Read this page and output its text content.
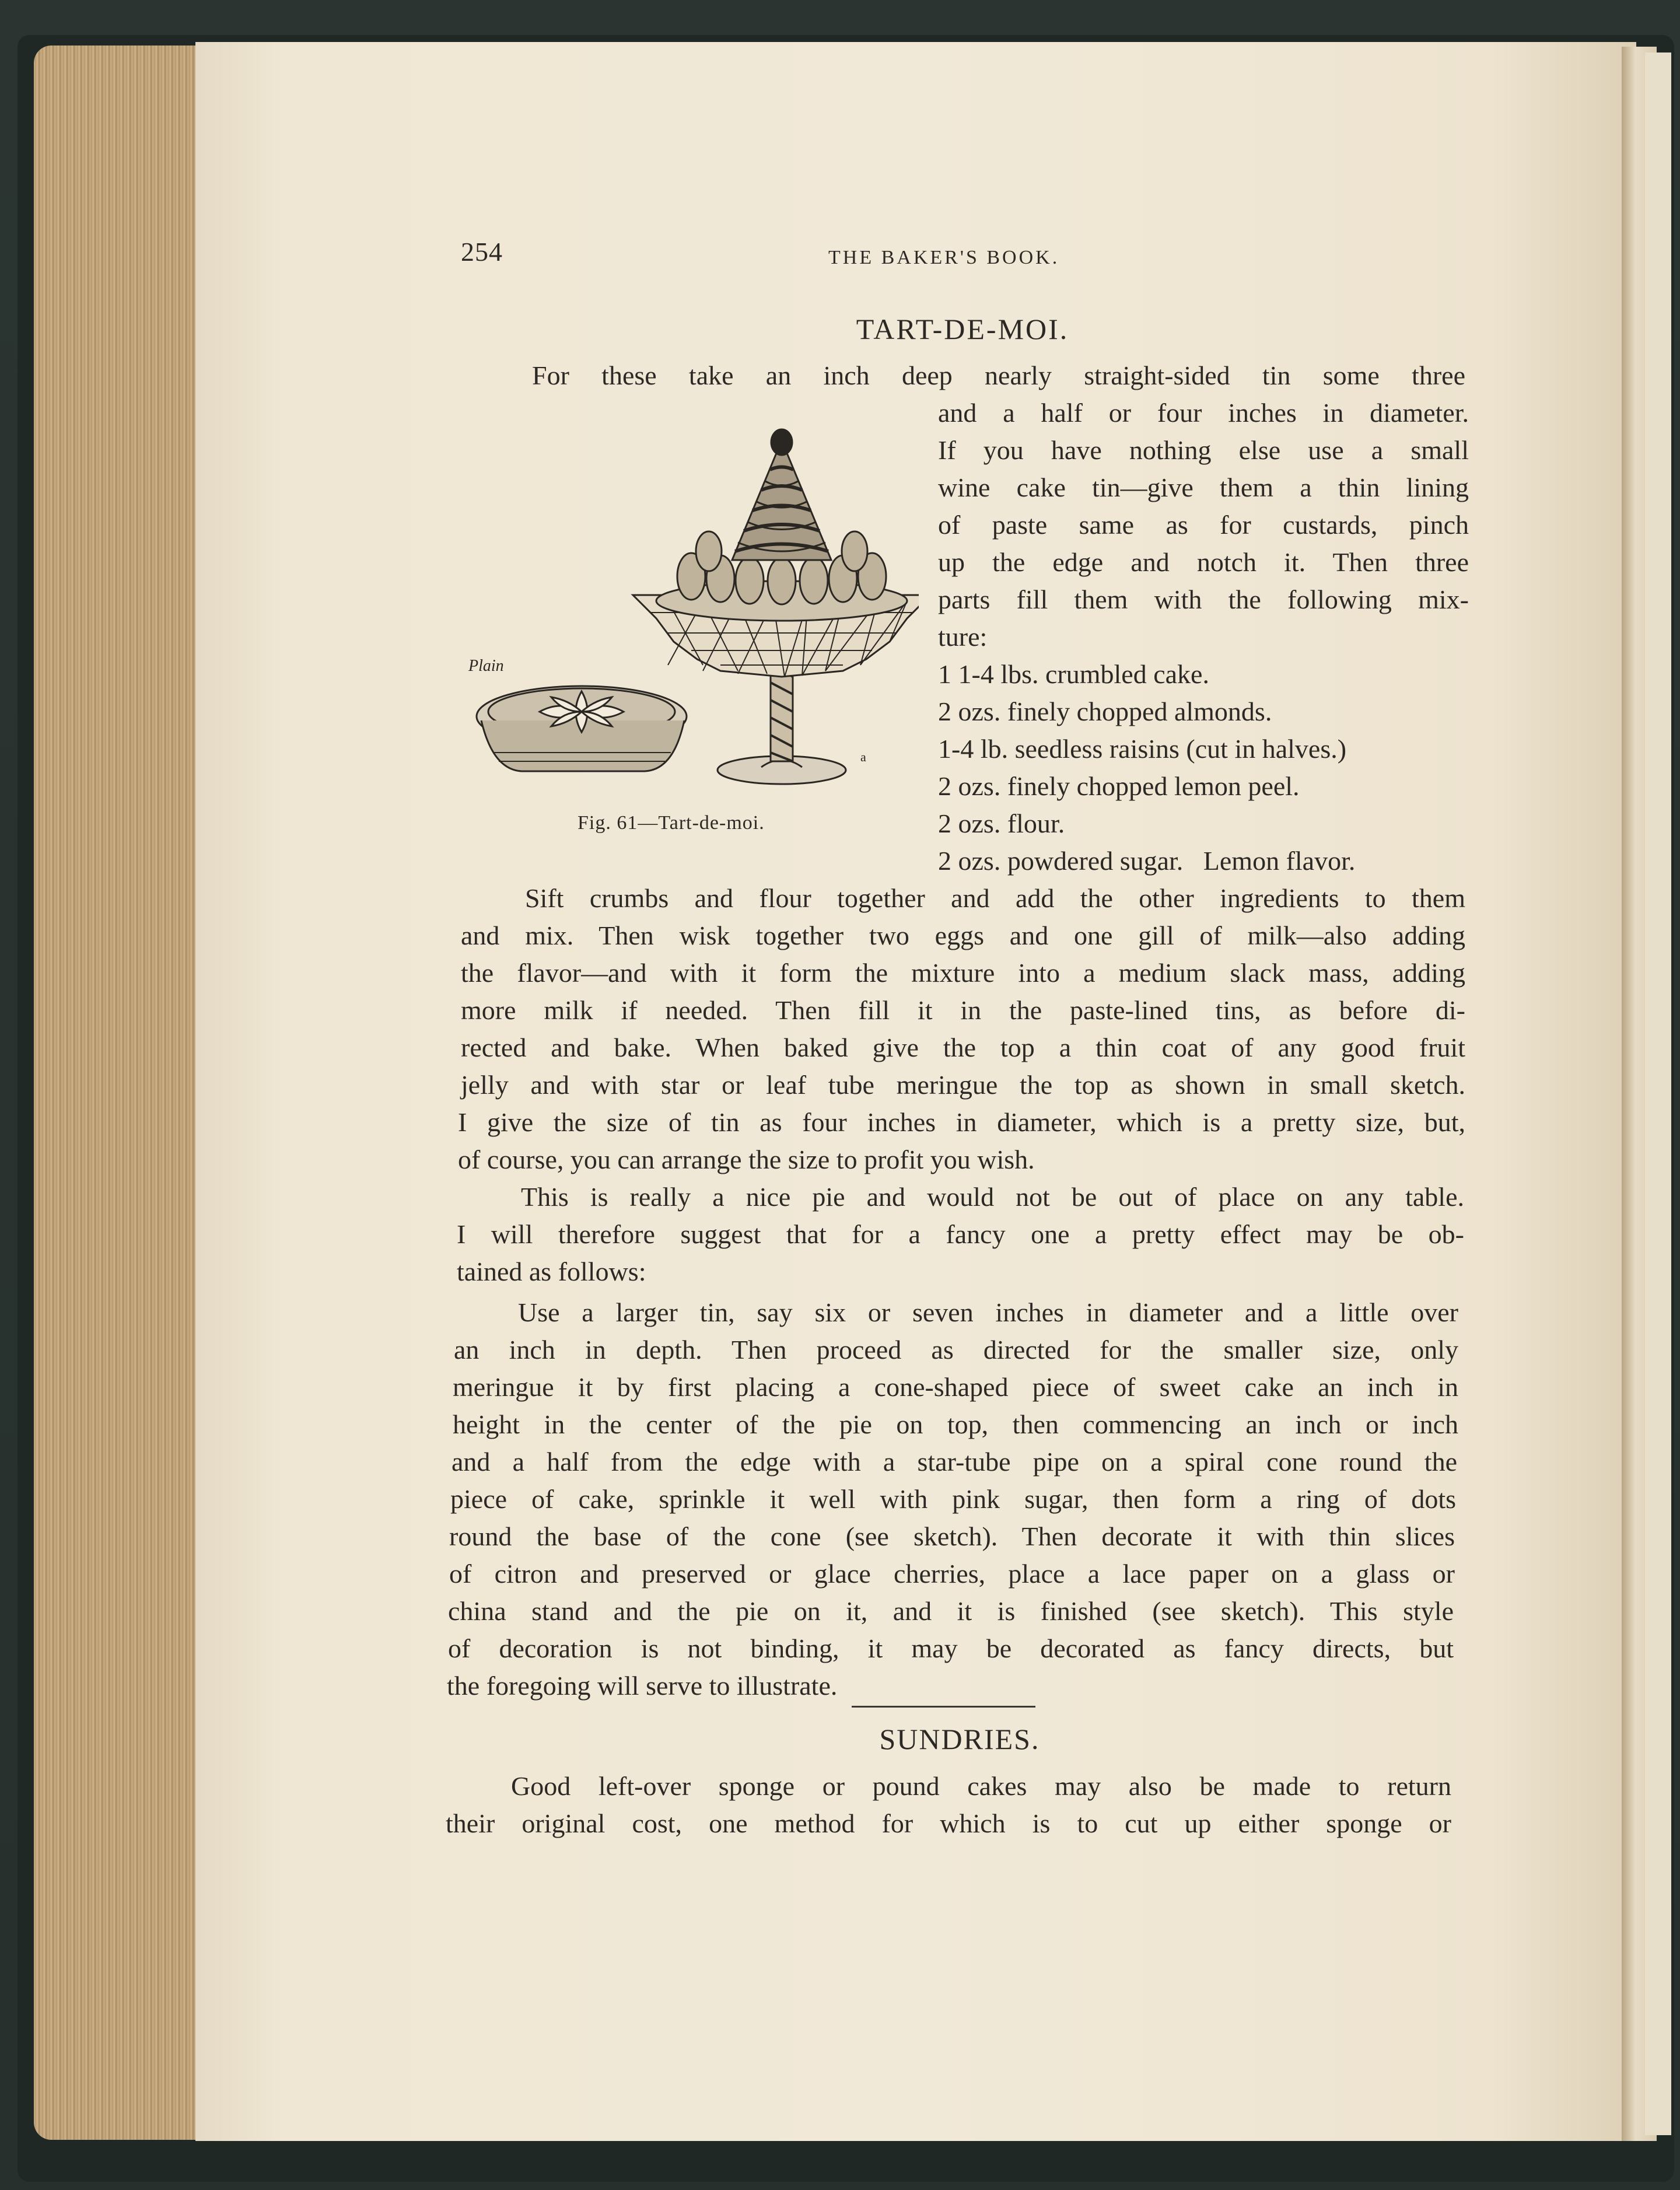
254	THE BAKER'S BOOK.
TART-DE-MOI.
For these take an inch deep nearly straight-sided tin some three
and a half or four inches in diameter.
If you have nothing else use a small
wine cake tin—give them a thin lining
of paste same as for custards, pinch
up the edge and notch it. Then three
parts fill them with the following mix-
ture:
1 1-4 lbs. crumbled cake.
2 ozs. finely chopped almonds.
1-4 lb. seedless raisins (cut in halves.)
2 ozs. finely chopped lemon peel.
2 ozs. flour.
2 ozs. powdered sugar.   Lemon flavor.
Plain
a
Fig. 61—Tart-de-moi.
Sift crumbs and flour together and add the other ingredients to them
and mix. Then wisk together two eggs and one gill of milk—also adding
the flavor—and with it form the mixture into a medium slack mass, adding
more milk if needed. Then fill it in the paste-lined tins, as before di-
rected and bake. When baked give the top a thin coat of any good fruit
jelly and with star or leaf tube meringue the top as shown in small sketch.
I give the size of tin as four inches in diameter, which is a pretty size, but,
of course, you can arrange the size to profit you wish.
This is really a nice pie and would not be out of place on any table.
I will therefore suggest that for a fancy one a pretty effect may be ob-
tained as follows:
Use a larger tin, say six or seven inches in diameter and a little over
an inch in depth. Then proceed as directed for the smaller size, only
meringue it by first placing a cone-shaped piece of sweet cake an inch in
height in the center of the pie on top, then commencing an inch or inch
and a half from the edge with a star-tube pipe on a spiral cone round the
piece of cake, sprinkle it well with pink sugar, then form a ring of dots
round the base of the cone (see sketch). Then decorate it with thin slices
of citron and preserved or glace cherries, place a lace paper on a glass or
china stand and the pie on it, and it is finished (see sketch). This style
of decoration is not binding, it may be decorated as fancy directs, but
the foregoing will serve to illustrate.
SUNDRIES.
Good left-over sponge or pound cakes may also be made to return
their original cost, one method for which is to cut up either sponge or
